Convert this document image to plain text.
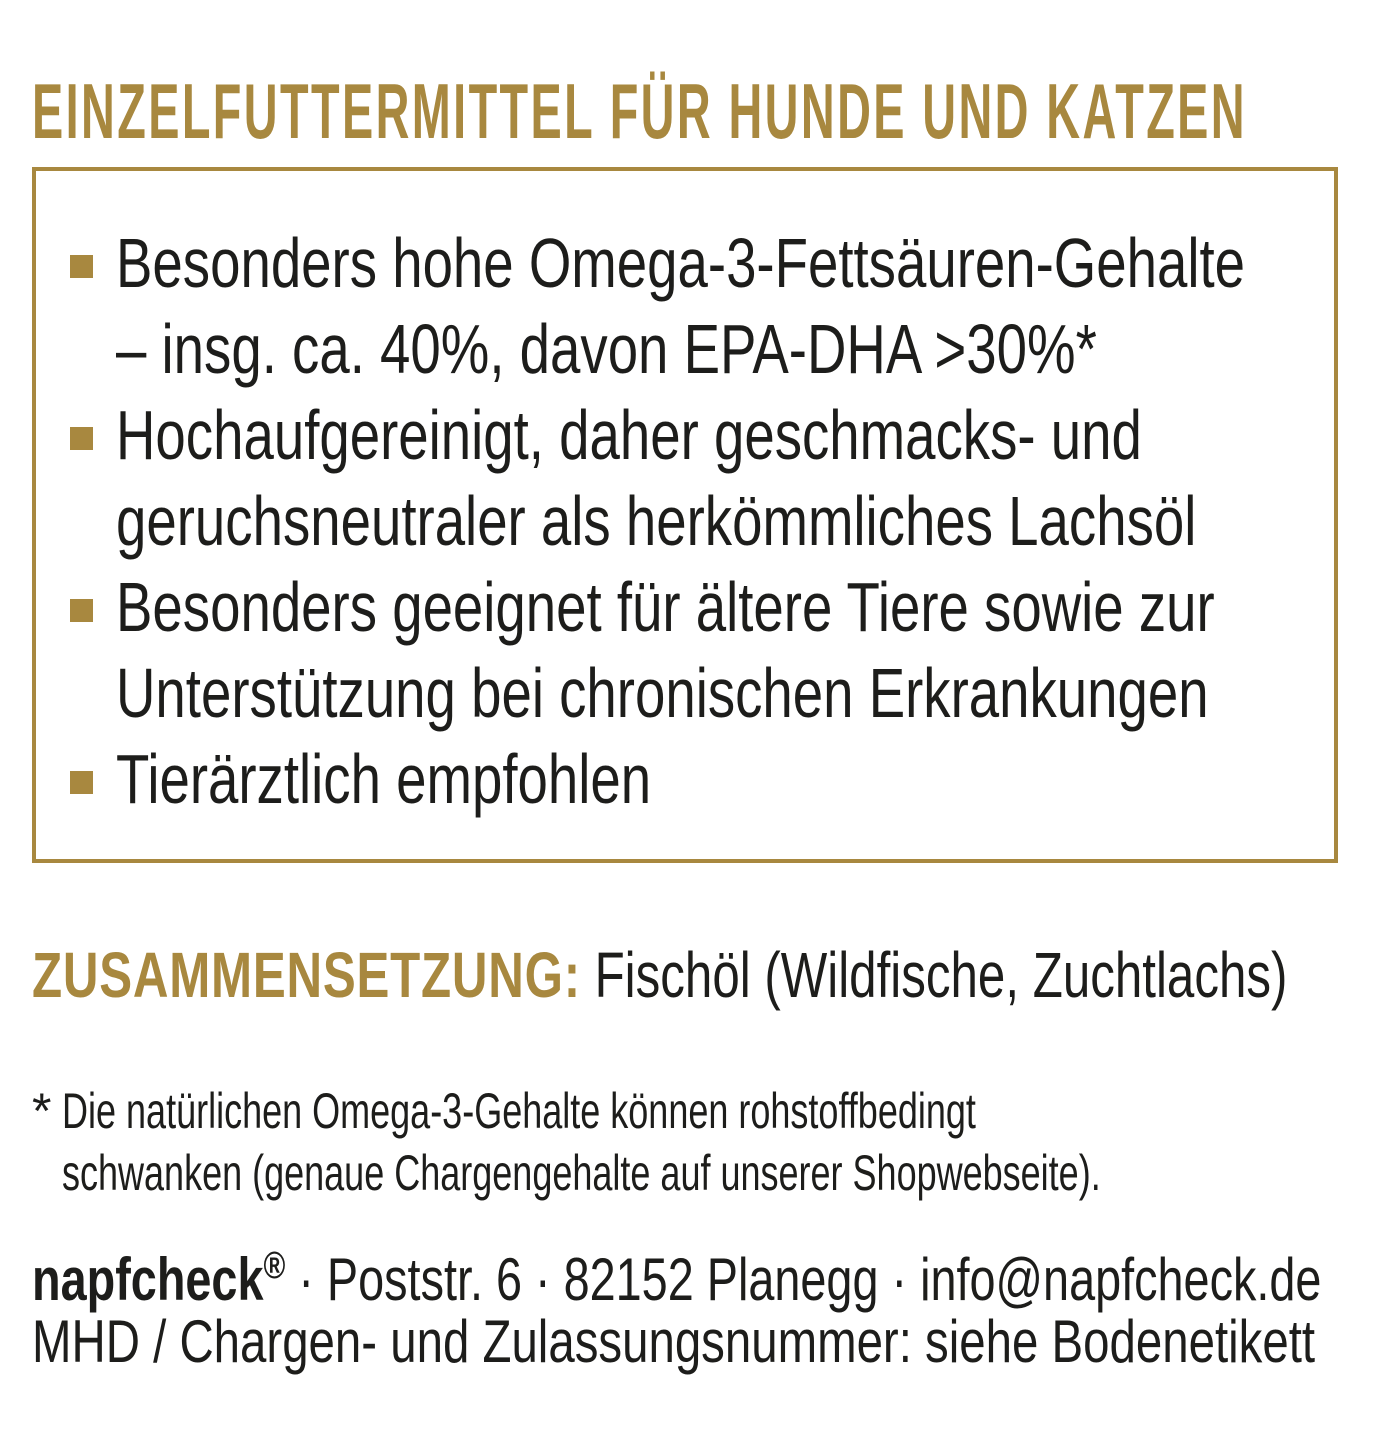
EINZELFUTTERMITTEL FÜR HUNDE UND KATZEN
Besonders hohe Omega-3-Fettsäuren-Gehalte
– insg. ca. 40%, davon EPA-DHA >30%*
Hochaufgereinigt, daher geschmacks- und
geruchsneutraler als herkömmliches Lachsöl
Besonders geeignet für ältere Tiere sowie zur
Unterstützung bei chronischen Erkrankungen
Tierärztlich empfohlen
ZUSAMMENSETZUNG: Fischöl (Wildfische, Zuchtlachs)
* Die natürlichen Omega-3-Gehalte können rohstoffbedingt
schwanken (genaue Chargengehalte auf unserer Shopwebseite).
napfcheck® · Poststr. 6 · 82152 Planegg · info@napfcheck.de
MHD / Chargen- und Zulassungsnummer: siehe Bodenetikett
